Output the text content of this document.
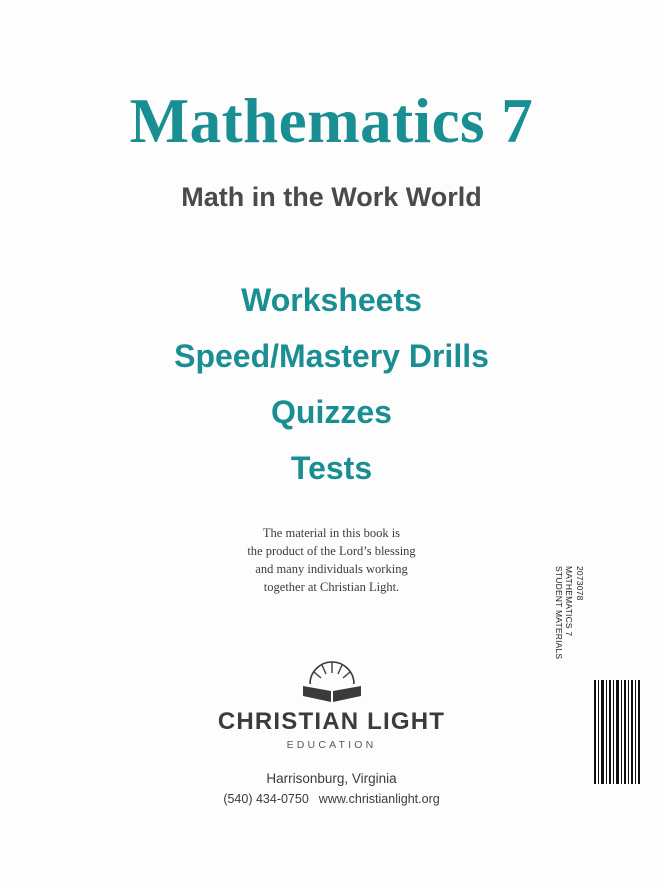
Mathematics 7
Math in the Work World
Worksheets
Speed/Mastery Drills
Quizzes
Tests
The material in this book is
the product of the Lord’s blessing
and many individuals working
together at Christian Light.
CHRISTIAN LIGHT
EDUCATION
Harrisonburg, Virginia
(540) 434-0750 www.christianlight.org
2073078
MATHEMATICS 7
STUDENT MATERIALS
